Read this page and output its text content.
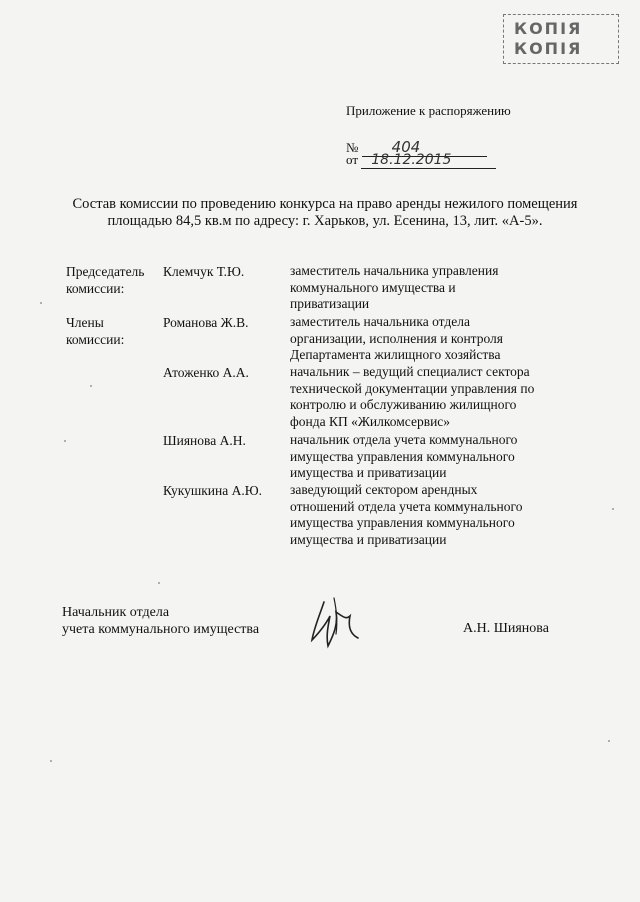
КОПІЯ
КОПІЯ
Приложение к распоряжению
№ 404
от 18.12.2015
Состав комиссии по проведению конкурса на право аренды нежилого помещения
площадью 84,5 кв.м по адресу: г. Харьков, ул. Есенина, 13, лит. «А-5».
Председатель
комиссии:
Клемчук Т.Ю.	заместитель начальника управления
коммунального имущества и
приватизации
Члены
комиссии:
Романова Ж.В.	заместитель начальника отдела
организации, исполнения и контроля
Департамента жилищного хозяйства
Атоженко А.А.	начальник – ведущий специалист сектора
технической документации управления по
контролю и обслуживанию жилищного
фонда КП «Жилкомсервис»
Шиянова А.Н.	начальник отдела учета коммунального
имущества управления коммунального
имущества и приватизации
Кукушкина А.Ю. заведующий сектором арендных
отношений отдела учета коммунального
имущества управления коммунального
имущества и приватизации
Начальник отдела
учета коммунального имущества	А.Н. Шиянова
